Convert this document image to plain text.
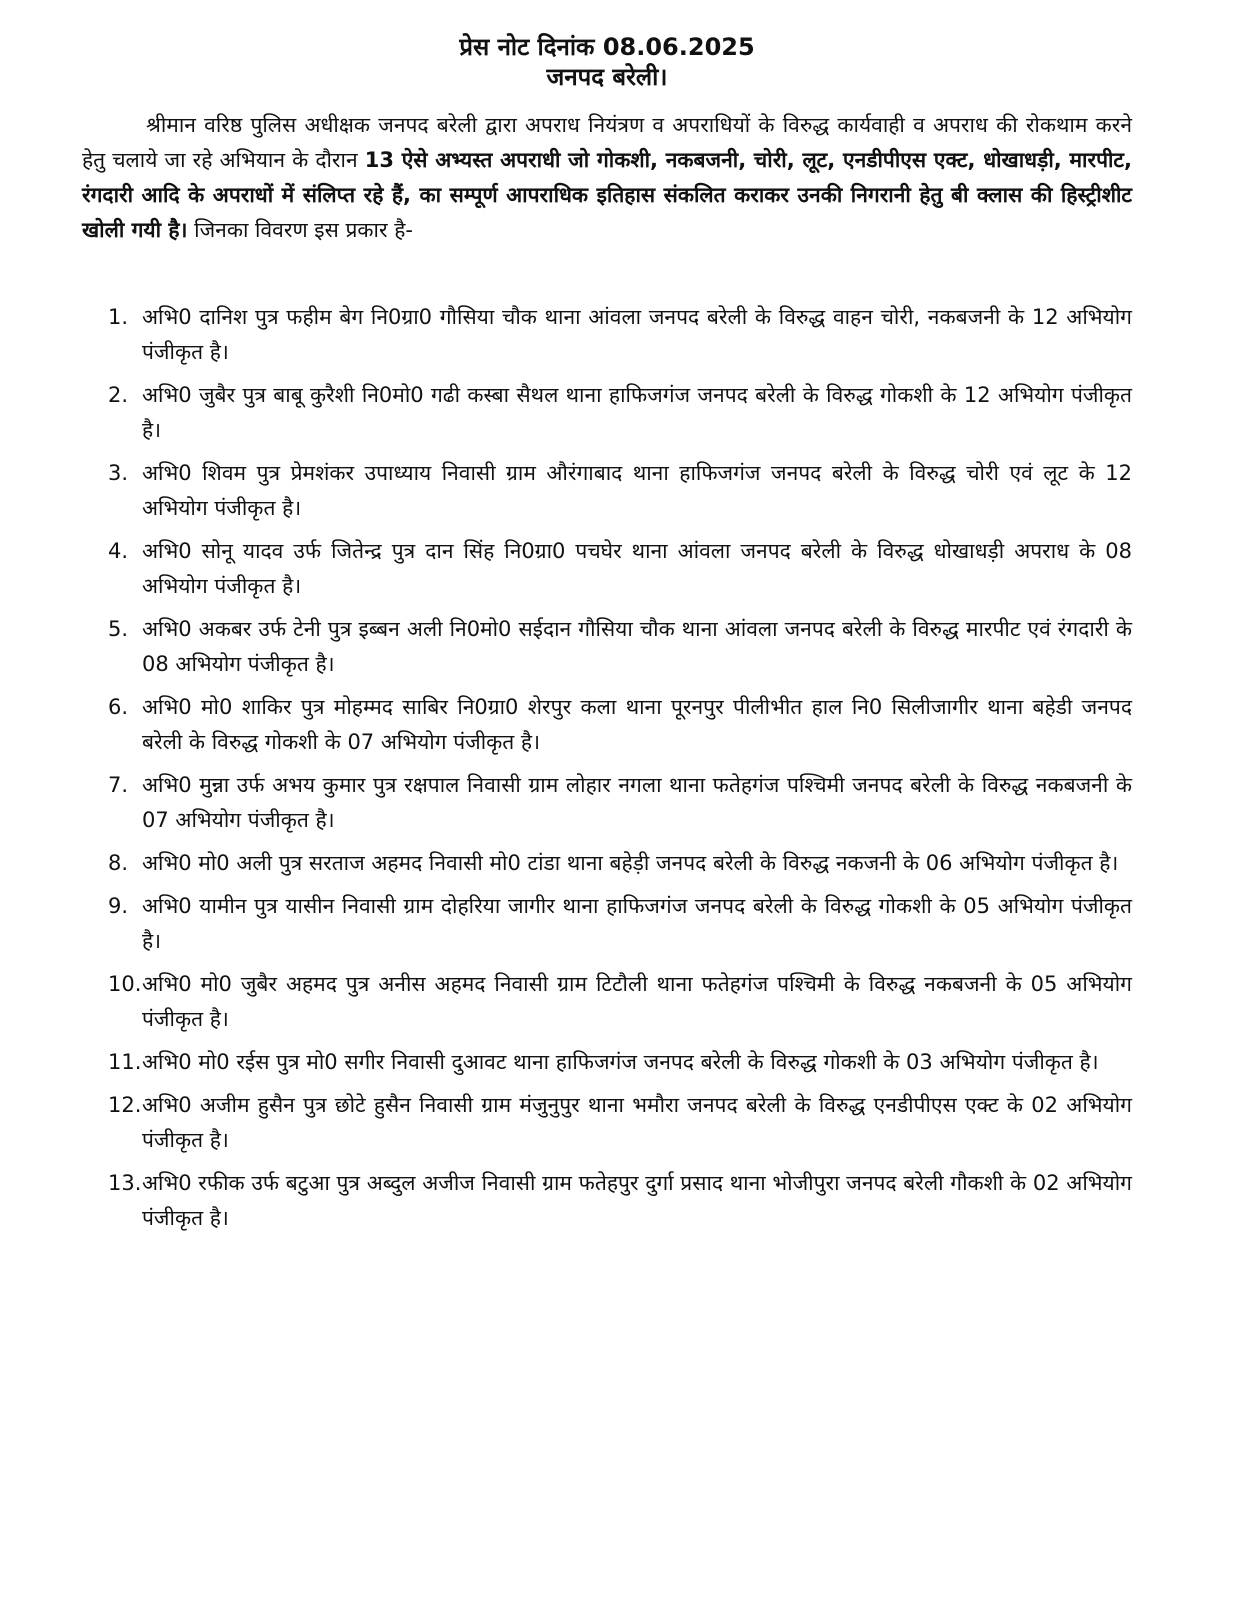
प्रेस नोट दिनांक 08.06.2025
जनपद बरेली।

श्रीमान वरिष्ठ पुलिस अधीक्षक जनपद बरेली द्वारा अपराध नियंत्रण व अपराधियों के विरुद्ध कार्यवाही व अपराध की रोकथाम करने हेतु चलाये जा रहे अभियान के दौरान 13 ऐसे अभ्यस्त अपराधी जो गोकशी, नकबजनी, चोरी, लूट, एनडीपीएस एक्ट, धोखाधड़ी, मारपीट, रंगदारी आदि के अपराधों में संलिप्त रहे हैं, का सम्पूर्ण आपराधिक इतिहास संकलित कराकर उनकी निगरानी हेतु बी क्लास की हिस्ट्रीशीट खोली गयी है। जिनका विवरण इस प्रकार है-

1. अभि0 दानिश पुत्र फहीम बेग नि0ग्रा0 गौसिया चौक थाना आंवला जनपद बरेली के विरुद्ध वाहन चोरी, नकबजनी के 12 अभियोग पंजीकृत है।
2. अभि0 जुबैर पुत्र बाबू कुरैशी नि0मो0 गढी कस्बा सैथल थाना हाफिजगंज जनपद बरेली के विरुद्ध गोकशी के 12 अभियोग पंजीकृत है।
3. अभि0 शिवम पुत्र प्रेमशंकर उपाध्याय निवासी ग्राम औरंगाबाद थाना हाफिजगंज जनपद बरेली के विरुद्ध चोरी एवं लूट के 12 अभियोग पंजीकृत है।
4. अभि0 सोनू यादव उर्फ जितेन्द्र पुत्र दान सिंह नि0ग्रा0 पचघेर थाना आंवला जनपद बरेली के विरुद्ध धोखाधड़ी अपराध के 08 अभियोग पंजीकृत है।
5. अभि0 अकबर उर्फ टेनी पुत्र इब्बन अली नि0मो0 सईदान गौसिया चौक थाना आंवला जनपद बरेली के विरुद्ध मारपीट एवं रंगदारी के 08 अभियोग पंजीकृत है।
6. अभि0 मो0 शाकिर पुत्र मोहम्मद साबिर नि0ग्रा0 शेरपुर कला थाना पूरनपुर पीलीभीत हाल नि0 सिलीजागीर थाना बहेडी जनपद बरेली के विरुद्ध गोकशी के 07 अभियोग पंजीकृत है।
7. अभि0 मुन्ना उर्फ अभय कुमार पुत्र रक्षपाल निवासी ग्राम लोहार नगला थाना फतेहगंज पश्चिमी जनपद बरेली के विरुद्ध नकबजनी के 07 अभियोग पंजीकृत है।
8. अभि0 मो0 अली पुत्र सरताज अहमद निवासी मो0 टांडा थाना बहेड़ी जनपद बरेली के विरुद्ध नकजनी के 06 अभियोग पंजीकृत है।
9. अभि0 यामीन पुत्र यासीन निवासी ग्राम दोहरिया जागीर थाना हाफिजगंज जनपद बरेली के विरुद्ध गोकशी के 05 अभियोग पंजीकृत है।
10. अभि0 मो0 जुबैर अहमद पुत्र अनीस अहमद निवासी ग्राम टिटौली थाना फतेहगंज पश्चिमी के विरुद्ध नकबजनी के 05 अभियोग पंजीकृत है।
11. अभि0 मो0 रईस पुत्र मो0 सगीर निवासी दुआवट थाना हाफिजगंज जनपद बरेली के विरुद्ध गोकशी के 03 अभियोग पंजीकृत है।
12. अभि0 अजीम हुसैन पुत्र छोटे हुसैन निवासी ग्राम मंजुनुपुर थाना भमौरा जनपद बरेली के विरुद्ध एनडीपीएस एक्ट के 02 अभियोग पंजीकृत है।
13. अभि0 रफीक उर्फ बटुआ पुत्र अब्दुल अजीज निवासी ग्राम फतेहपुर दुर्गा प्रसाद थाना भोजीपुरा जनपद बरेली गौकशी के 02 अभियोग पंजीकृत है।
